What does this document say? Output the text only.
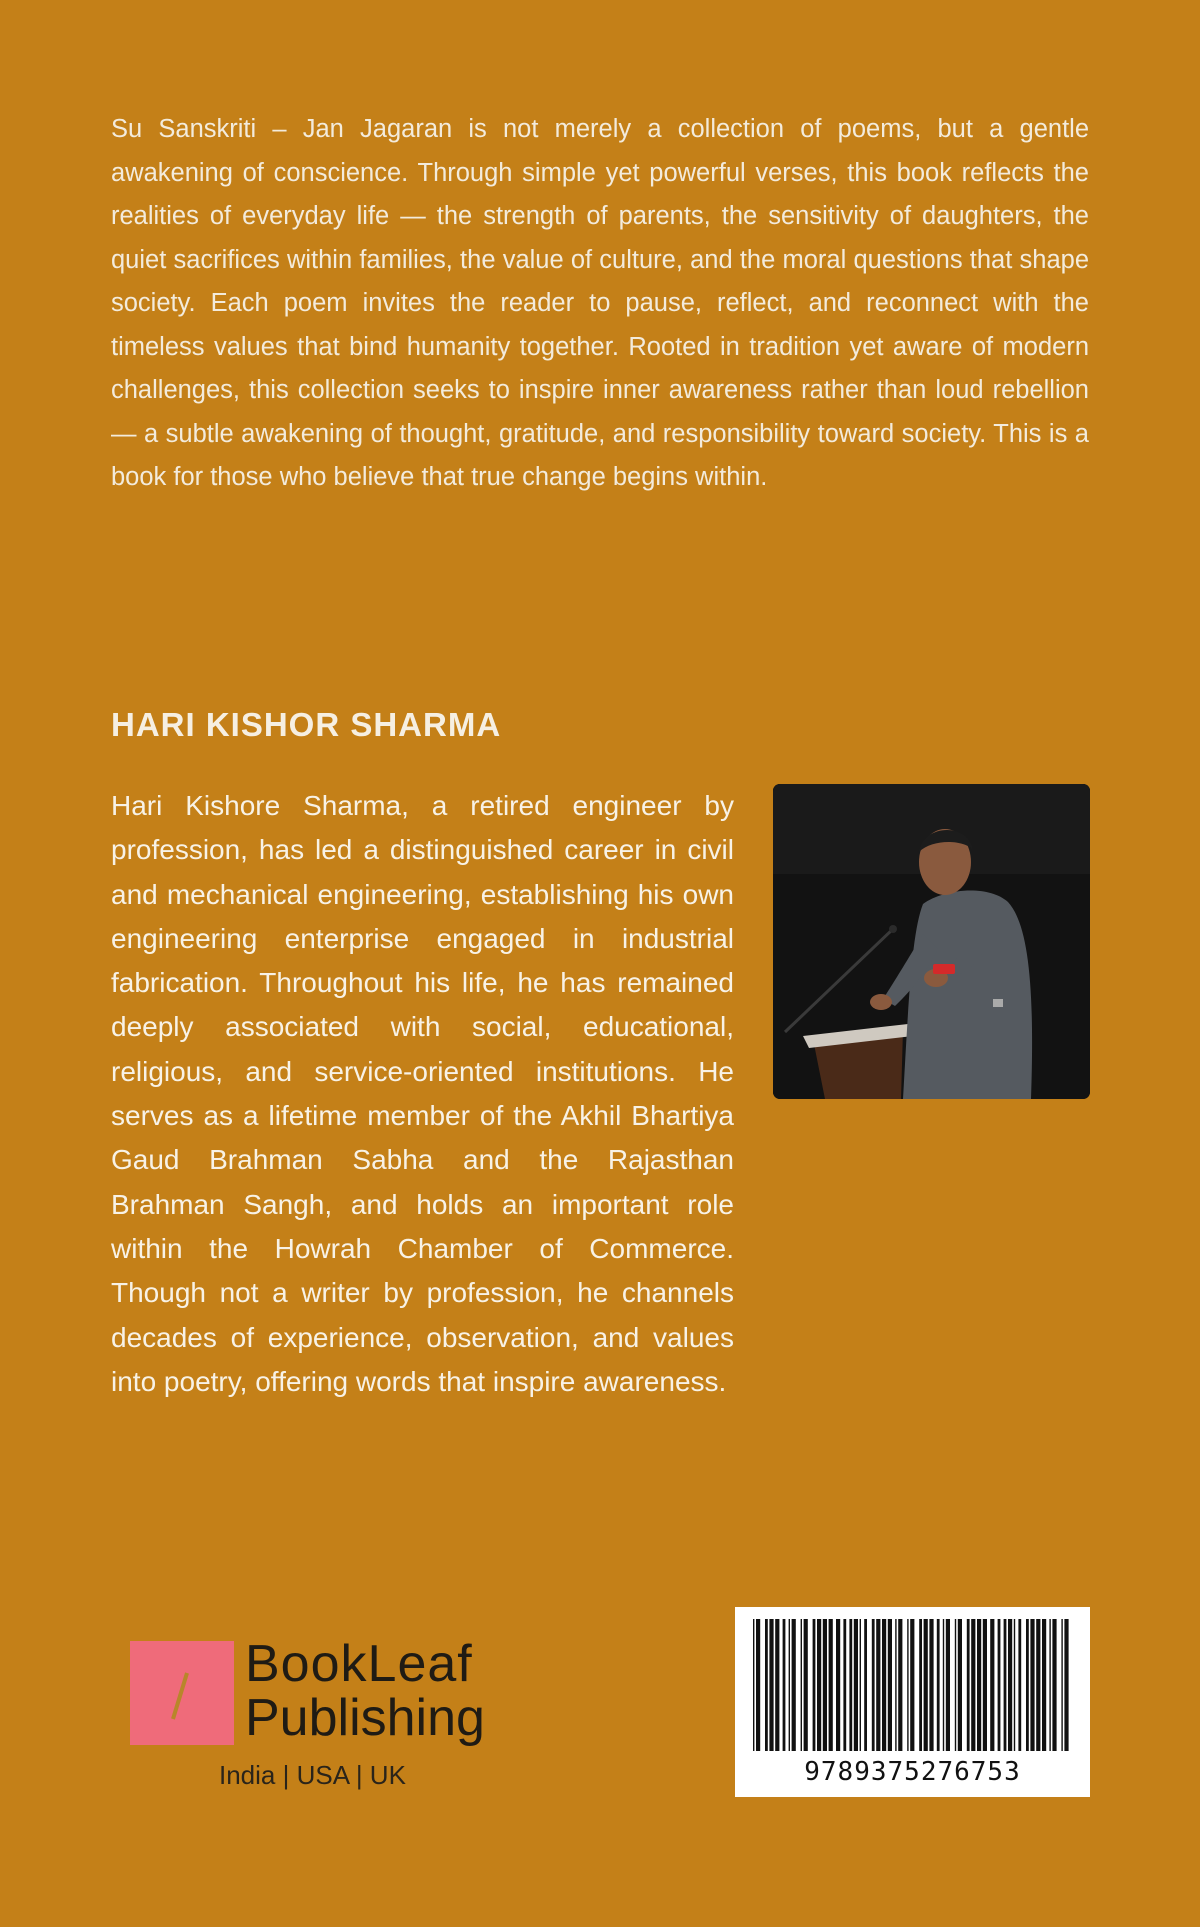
Su Sanskriti – Jan Jagaran is not merely a collection of poems, but a gentle awakening of conscience. Through simple yet powerful verses, this book reflects the realities of everyday life — the strength of parents, the sensitivity of daughters, the quiet sacrifices within families, the value of culture, and the moral questions that shape society. Each poem invites the reader to pause, reflect, and reconnect with the timeless values that bind humanity together. Rooted in tradition yet aware of modern challenges, this collection seeks to inspire inner awareness rather than loud rebellion — a subtle awakening of thought, gratitude, and responsibility toward society. This is a book for those who believe that true change begins within.

HARI KISHOR SHARMA

Hari Kishore Sharma, a retired engineer by profession, has led a distinguished career in civil and mechanical engineering, establishing his own engineering enterprise engaged in industrial fabrication. Throughout his life, he has remained deeply associated with social, educational, religious, and service-oriented institutions. He serves as a lifetime member of the Akhil Bhartiya Gaud Brahman Sabha and the Rajasthan Brahman Sangh, and holds an important role within the Howrah Chamber of Commerce. Though not a writer by profession, he channels decades of experience, observation, and values into poetry, offering words that inspire awareness.

BookLeaf

Publishing

India | USA | UK	9789375276753
